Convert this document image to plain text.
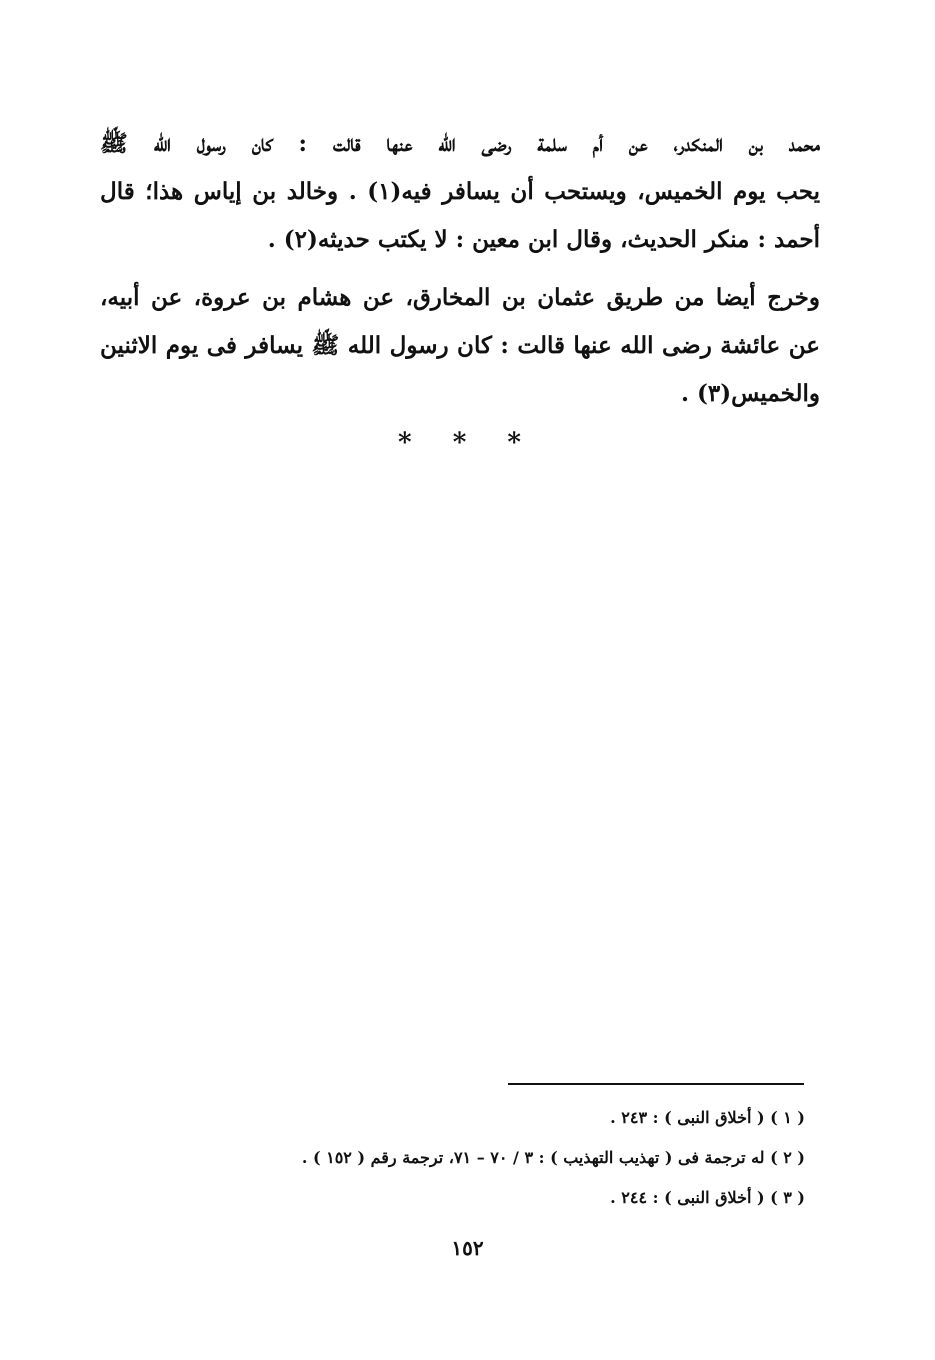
محمد بن المنكدر، عن أم سلمة رضى الله عنها قالت : كان رسول الله ﷺ
يحب يوم الخميس، ويستحب أن يسافر فيه(١) . وخالد بن إياس هذا؛ قال
أحمد : منكر الحديث، وقال ابن معين : لا يكتب حديثه(٢) .
وخرج أيضا من طريق عثمان بن المخارق، عن هشام بن عروة، عن أبيه،
عن عائشة رضى الله عنها قالت : كان رسول الله ﷺ يسافر فى يوم الاثنين
والخميس(٣) .
* * *
( ١ ) ( أخلاق النبى ) : ٢٤٣ .
( ٢ ) له ترجمة فى ( تهذيب التهذيب ) : ٣ / ٧٠ – ٧١، ترجمة رقم ( ١٥٢ ) .
( ٣ ) ( أخلاق النبى ) : ٢٤٤ .
١٥٢
